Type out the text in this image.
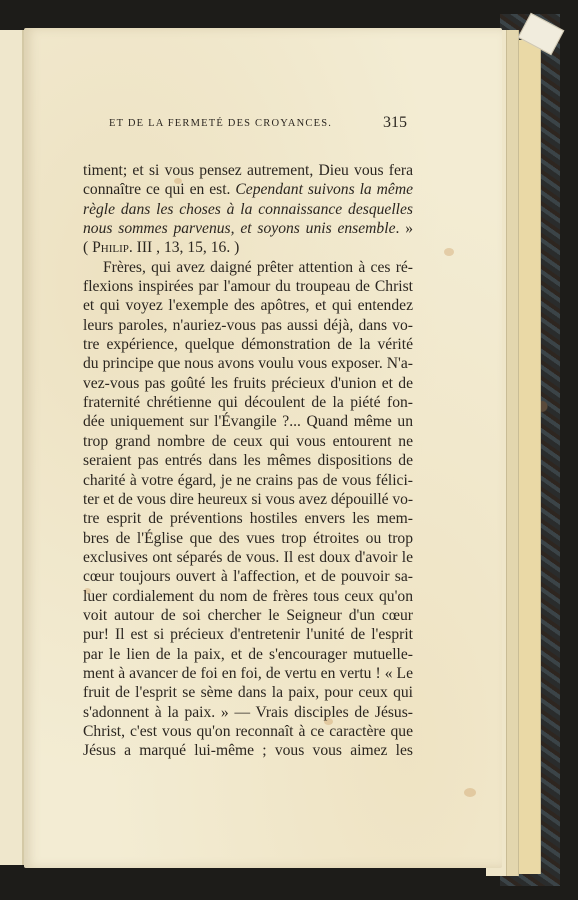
ET DE LA FERMETÉ DES CROYANCES.	315
timent; et si vous pensez autrement, Dieu vous fera
connaître ce qui en est. Cependant suivons la même
règle dans les choses à la connaissance desquelles
nous sommes parvenus, et soyons unis ensemble. »
( Philip. III , 13, 15, 16. )
Frères, qui avez daigné prêter attention à ces ré-
flexions inspirées par l'amour du troupeau de Christ
et qui voyez l'exemple des apôtres, et qui entendez
leurs paroles, n'auriez-vous pas aussi déjà, dans vo-
tre expérience, quelque démonstration de la vérité
du principe que nous avons voulu vous exposer. N'a-
vez-vous pas goûté les fruits précieux d'union et de
fraternité chrétienne qui découlent de la piété fon-
dée uniquement sur l'Évangile ?... Quand même un
trop grand nombre de ceux qui vous entourent ne
seraient pas entrés dans les mêmes dispositions de
charité à votre égard, je ne crains pas de vous félici-
ter et de vous dire heureux si vous avez dépouillé vo-
tre esprit de préventions hostiles envers les mem-
bres de l'Église que des vues trop étroites ou trop
exclusives ont séparés de vous. Il est doux d'avoir le
cœur toujours ouvert à l'affection, et de pouvoir sa-
luer cordialement du nom de frères tous ceux qu'on
voit autour de soi chercher le Seigneur d'un cœur
pur! Il est si précieux d'entretenir l'unité de l'esprit
par le lien de la paix, et de s'encourager mutuelle-
ment à avancer de foi en foi, de vertu en vertu ! « Le
fruit de l'esprit se sème dans la paix, pour ceux qui
s'adonnent à la paix. » — Vrais disciples de Jésus-
Christ, c'est vous qu'on reconnaît à ce caractère que
Jésus a marqué lui-même ; vous vous aimez les
